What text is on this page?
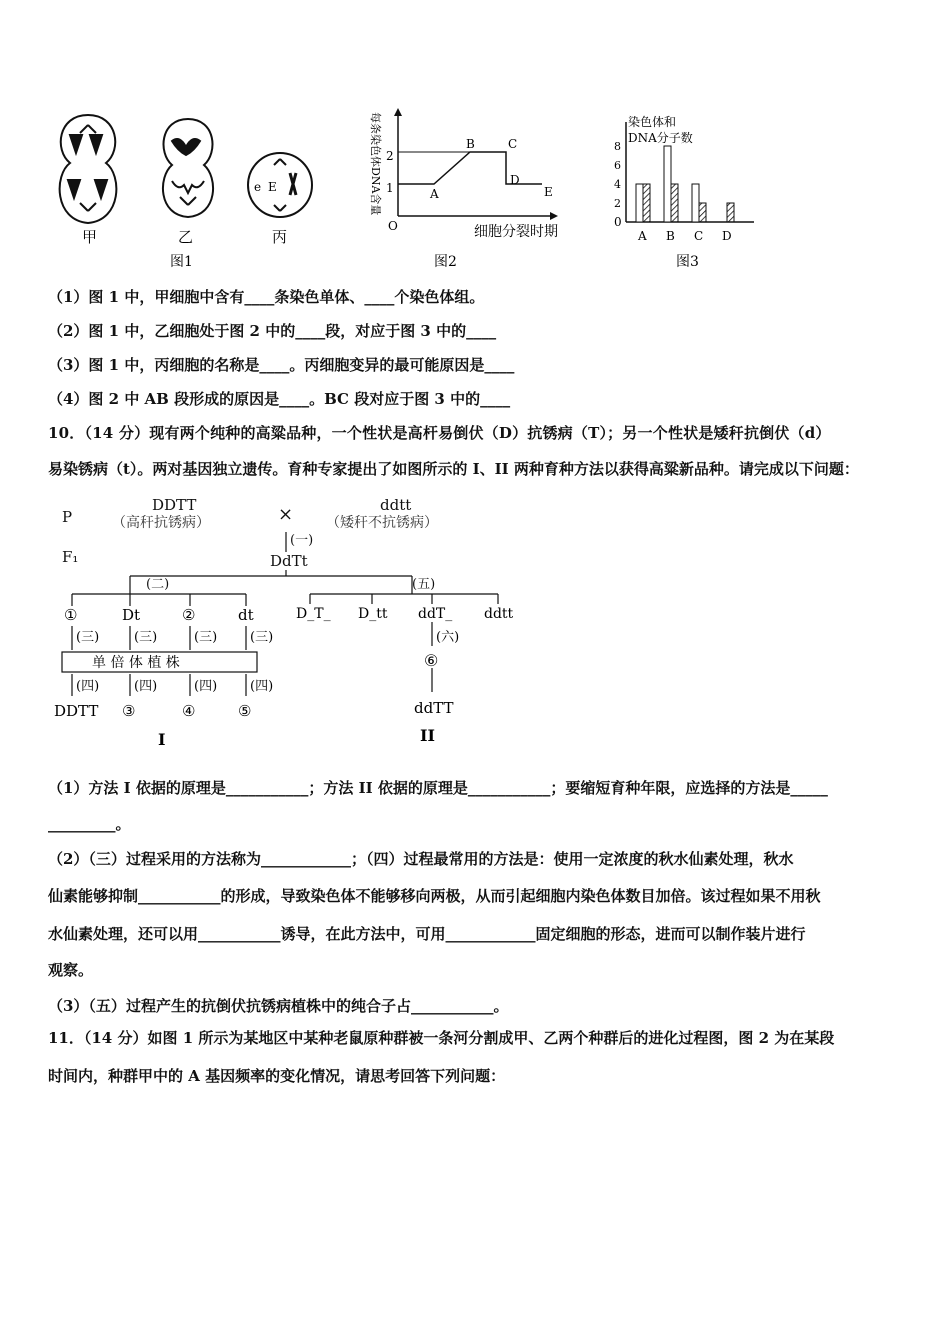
e E
甲	乙	丙
图1
每条染色体DNA含量
O
1
2
A
B	C
D
E
细胞分裂时期
图2
染色体和
DNA分子数
0
2
4
6
8
A B C D
图3
（1）图 1 中，甲细胞中含有____条染色单体、____个染色体组。
（2）图 1 中，乙细胞处于图 2 中的____段，对应于图 3 中的____
（3）图 1 中，丙细胞的名称是____。丙细胞变异的最可能原因是____
（4）图 2 中 AB 段形成的原因是____。BC 段对应于图 3 中的____
10．（14 分）现有两个纯种的高粱品种，一个性状是高杆易倒伏（D）抗锈病（T）；另一个性状是矮秆抗倒伏（d）
易染锈病（t）。两对基因独立遗传。育种专家提出了如图所示的 I、II 两种育种方法以获得高粱新品种。请完成以下问题：
P
F₁
DDTT
（高秆抗锈病）	×	ddtt
（矮秆不抗锈病）
(一)
DdTt
(二)	(五)
①
(三)
Dt
(三)
②
(三)
dt
(三)
单 倍 体 植 株
(四)
DDTT
(四)
③
(四)
④
(四)
⑤
D_T_ D_tt ddT_ ddtt
(六)
⑥
ddTT
I	II
（1）方法 I 依据的原理是___________；方法 II 依据的原理是___________；要缩短育种年限，应选择的方法是_____
_________。
（2）（三）过程采用的方法称为____________；（四）过程最常用的方法是：使用一定浓度的秋水仙素处理，秋水
仙素能够抑制___________的形成，导致染色体不能够移向两极，从而引起细胞内染色体数目加倍。该过程如果不用秋
水仙素处理，还可以用___________诱导，在此方法中，可用____________固定细胞的形态，进而可以制作装片进行
观察。
（3）（五）过程产生的抗倒伏抗锈病植株中的纯合子占___________。
11．（14 分）如图 1 所示为某地区中某种老鼠原种群被一条河分割成甲、乙两个种群后的进化过程图，图 2 为在某段
时间内，种群甲中的 A 基因频率的变化情况，请思考回答下列问题：
